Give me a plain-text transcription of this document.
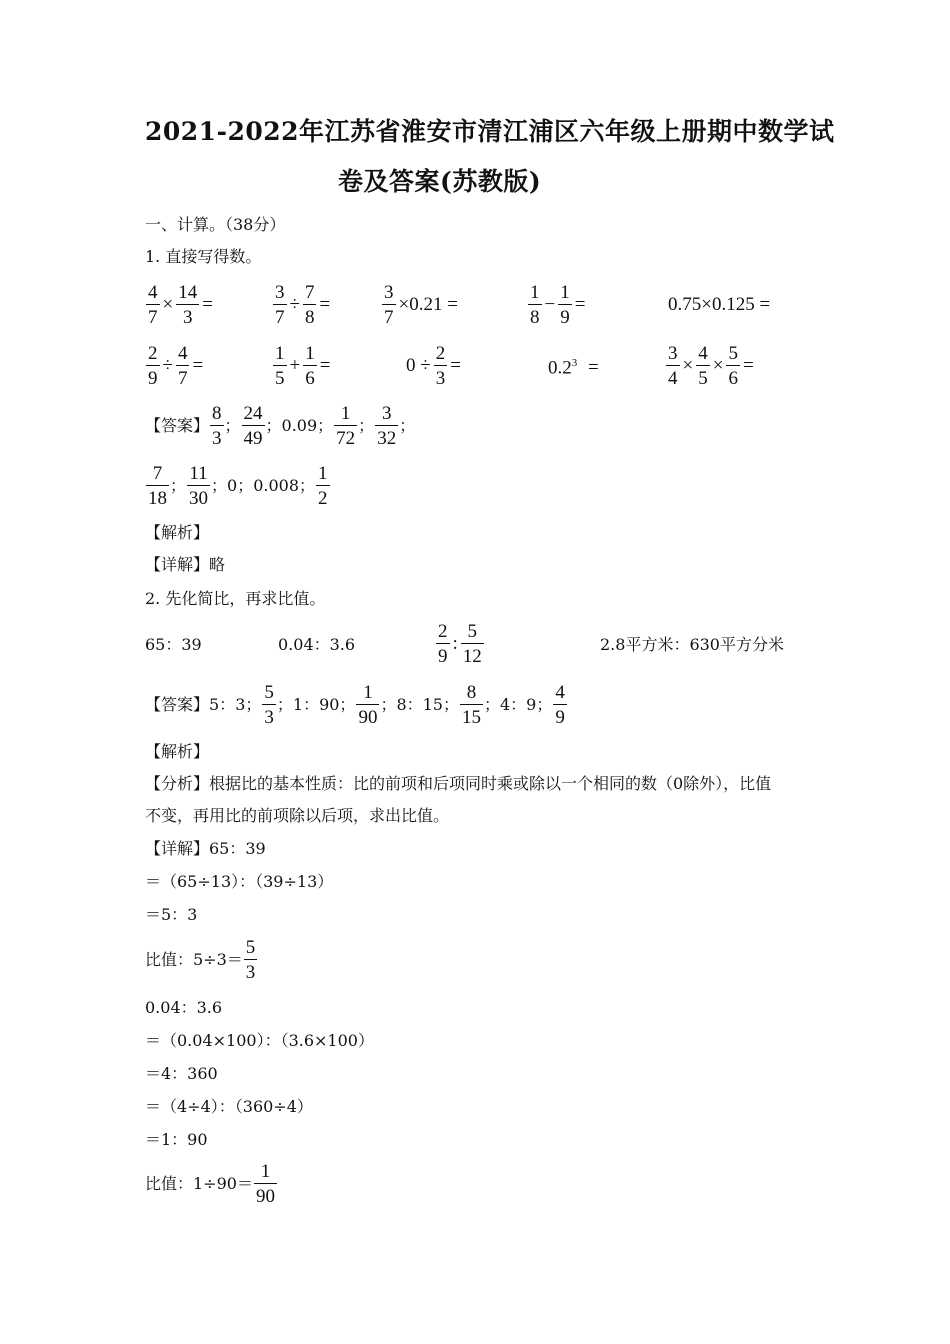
2021-2022年江苏省淮安市清江浦区六年级上册期中数学试
卷及答案(苏教版)
一、计算。（38分）
1. 直接写得数。
$\frac{4}{7} \times \frac{14}{3}$ =	$\frac{3}{7} \div \frac{7}{8}$ =	$\frac{3}{7} \times 0.21$ =	$\frac{1}{8} - \frac{1}{9}$ =	0.75×0.125 =
$\frac{2}{9} \div \frac{4}{7}$ =	$\frac{1}{5} + \frac{1}{6}$ =	$0 \div \frac{2}{3}$ =	$0.2^3$ =	$\frac{3}{4} \times \frac{4}{5} \times \frac{5}{6}$ =
【答案】 $\frac{8}{3}$ ； $\frac{24}{49}$ ；0.09； $\frac{1}{72}$ ； $\frac{3}{32}$ ；
$\frac{7}{18}$ ； $\frac{11}{30}$ ；0；0.008； $\frac{1}{2}$
【解析】
【详解】略
2. 先化简比，再求比值。
65：39	0.04：3.6	$\frac{2}{9}$ : $\frac{5}{12}$	2.8平方米：630平方分米
【答案】 5：3； $\frac{5}{3}$ ；1：90； $\frac{1}{90}$ ；8：15； $\frac{8}{15}$ ；4：9； $\frac{4}{9}$
【解析】
【分析】根据比的基本性质：比的前项和后项同时乘或除以一个相同的数（0除外），比值
不变，再用比的前项除以后项，求出比值。
【详解】65：39
＝（65÷13）：（39÷13）
＝5：3
比值：$5\div 3= \frac{5}{3}$
0.04：3.6
＝（0.04×100）：（3.6×100）
＝4：360
＝（4÷4）：（360÷4）
＝1：90
比值：$1\div 90= \frac{1}{90}$
